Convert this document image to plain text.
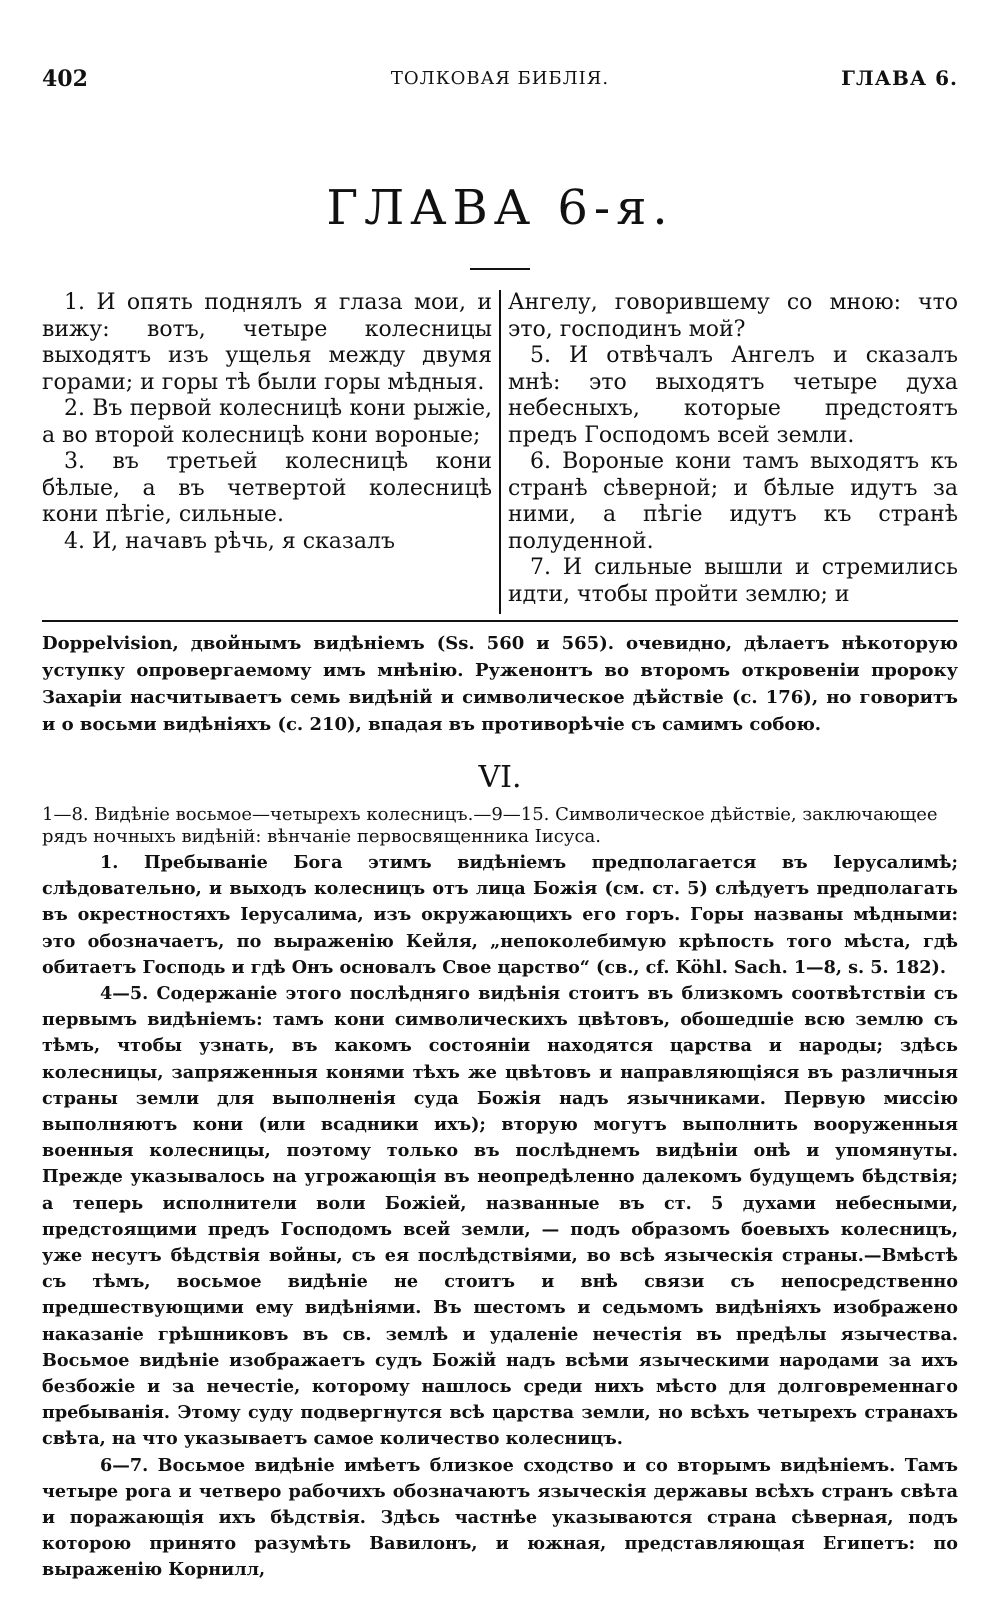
402	ТОЛКОВАЯ БИБЛІЯ.	ГЛАВА 6.
ГЛАВА 6-я.

1. И опять поднялъ я глаза мои, и вижу: вотъ, четыре колесницы выходятъ изъ ущелья между двумя горами; и горы тѣ были горы мѣдныя.

2. Въ первой колесницѣ кони рыжіе, а во второй колесницѣ кони вороные;

3. въ третьей колесницѣ кони бѣлые, а въ четвертой колесницѣ кони пѣгіе, сильные.

4. И, начавъ рѣчь, я сказалъ

Ангелу, говорившему со мною: что это, господинъ мой?

5. И отвѣчалъ Ангелъ и сказалъ мнѣ: это выходятъ четыре духа небесныхъ, которые предстоятъ предъ Господомъ всей земли.

6. Вороные кони тамъ выходятъ къ странѣ сѣверной; и бѣлые идутъ за ними, а пѣгіе идутъ къ странѣ полуденной.

7. И сильные вышли и стремились идти, чтобы пройти землю; и

Doppelvision, двойнымъ видѣніемъ (Ss. 560 и 565). очевидно, дѣлаетъ нѣкоторую уступку опровергаемому имъ мнѣнію. Руженонтъ во второмъ откровеніи пророку Захаріи насчитываетъ семь видѣній и символическое дѣйствіе (с. 176), но говоритъ и о восьми видѣніяхъ (с. 210), впадая въ противорѣчіе съ самимъ собою.

VI.

1—8. Видѣніе восьмое—четырехъ колесницъ.—9—15. Символическое дѣйствіе, заключающее рядъ ночныхъ видѣній: вѣнчаніе первосвященника Іисуса.

1. Пребываніе Бога этимъ видѣніемъ предполагается въ Іерусалимѣ; слѣдовательно, и выходъ колесницъ отъ лица Божія (см. ст. 5) слѣдуетъ предполагать въ окрестностяхъ Іерусалима, изъ окружающихъ его горъ. Горы названы мѣдными: это обозначаетъ, по выраженію Кейля, „непоколебимую крѣпость того мѣста, гдѣ обитаетъ Господь и гдѣ Онъ основалъ Свое царство“ (св., cf. Köhl. Sach. 1—8, s. 5. 182).

4—5. Содержаніе этого послѣдняго видѣнія стоитъ въ близкомъ соотвѣтствіи съ первымъ видѣніемъ: тамъ кони символическихъ цвѣтовъ, обошедшіе всю землю съ тѣмъ, чтобы узнать, въ какомъ состояніи находятся царства и народы; здѣсь колесницы, запряженныя конями тѣхъ же цвѣтовъ и направляющіяся въ различныя страны земли для выполненія суда Божія надъ язычниками. Первую миссію выполняютъ кони (или всадники ихъ); вторую могутъ выполнить вооруженныя военныя колесницы, поэтому только въ послѣднемъ видѣніи онѣ и упомянуты. Прежде указывалось на угрожающія въ неопредѣленно далекомъ будущемъ бѣдствія; а теперь исполнители воли Божіей, названные въ ст. 5 духами небесными, предстоящими предъ Господомъ всей земли, — подъ образомъ боевыхъ колесницъ, уже несутъ бѣдствія войны, съ ея послѣдствіями, во всѣ языческія страны.—Вмѣстѣ съ тѣмъ, восьмое видѣніе не стоитъ и внѣ связи съ непосредственно предшествующими ему видѣніями. Въ шестомъ и седьмомъ видѣніяхъ изображено наказаніе грѣшниковъ въ св. землѣ и удаленіе нечестія въ предѣлы язычества. Восьмое видѣніе изображаетъ судъ Божій надъ всѣми языческими народами за ихъ безбожіе и за нечестіе, которому нашлось среди нихъ мѣсто для долговременнаго пребыванія. Этому суду подвергнутся всѣ царства земли, но всѣхъ четырехъ странахъ свѣта, на что указываетъ самое количество колесницъ.

6—7. Восьмое видѣніе имѣетъ близкое сходство и со вторымъ видѣніемъ. Тамъ четыре рога и четверо рабочихъ обозначаютъ языческія державы всѣхъ странъ свѣта и поражающія ихъ бѣдствія. Здѣсь частнѣе указываются страна сѣверная, подъ которою принято разумѣть Вавилонъ, и южная, представляющая Египетъ: по выраженію Корнилл,
